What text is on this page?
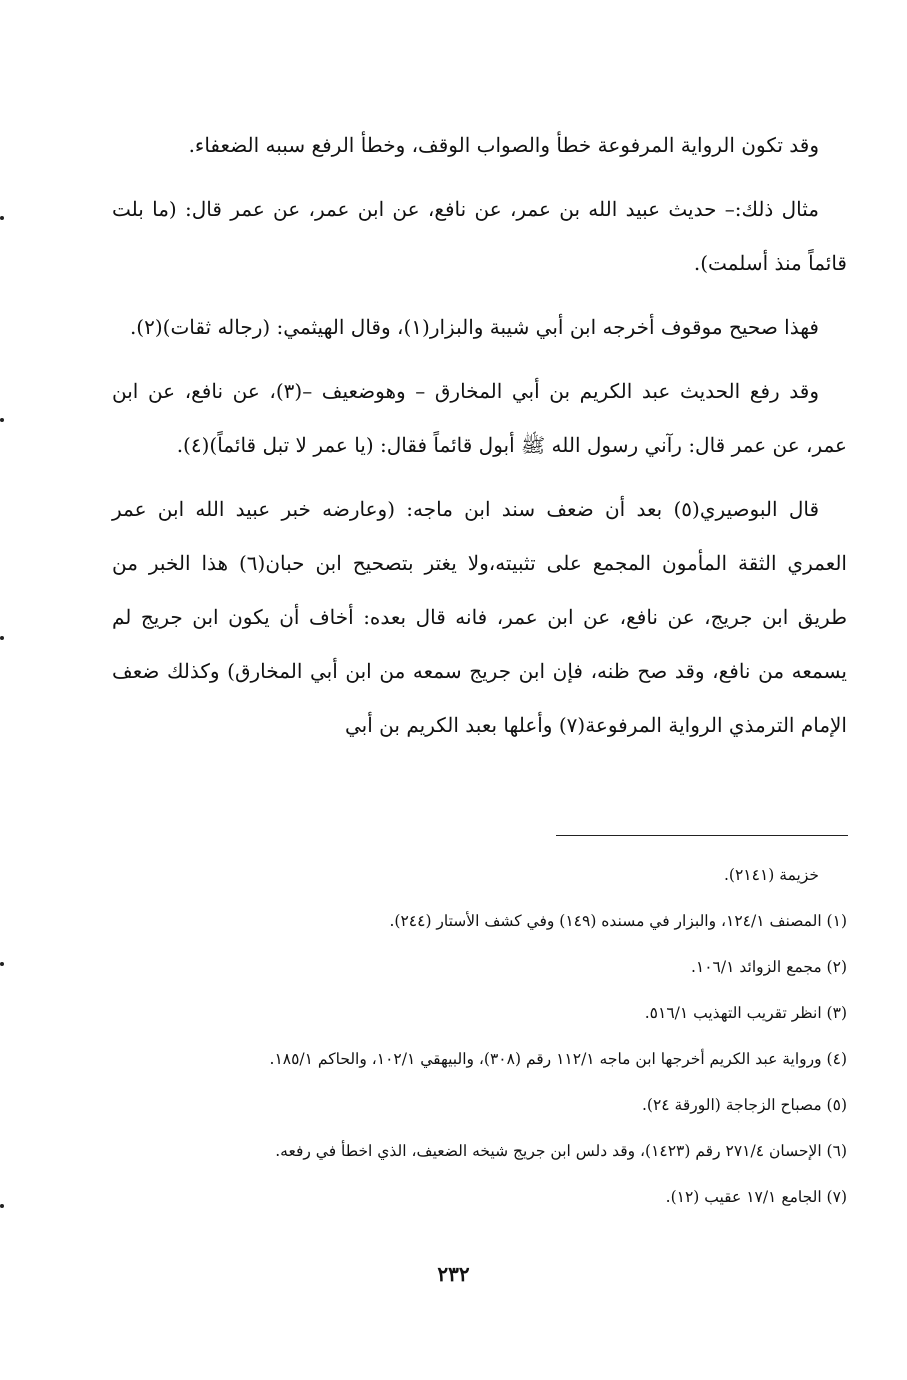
وقد تكون الرواية المرفوعة خطأ والصواب الوقف، وخطأ الرفع سببه الضعفاء.

مثال ذلك:– حديث عبيد الله بن عمر، عن نافع، عن ابن عمر، عن عمر قال: (ما بلت قائماً منذ أسلمت).

فهذا صحيح موقوف أخرجه ابن أبي شيبة والبزار(١)، وقال الهيثمي: (رجاله ثقات)(٢).

وقد رفع الحديث عبد الكريم بن أبي المخارق – وهوضعيف –(٣)، عن نافع، عن ابن عمر، عن عمر قال: رآني رسول الله ﷺ أبول قائماً فقال: (يا عمر لا تبل قائماً)(٤).

قال البوصيري(٥) بعد أن ضعف سند ابن ماجه: (وعارضه خبر عبيد الله ابن عمر العمري الثقة المأمون المجمع على تثبيته،ولا يغتر بتصحيح ابن حبان(٦) هذا الخبر من طريق ابن جريج، عن نافع، عن ابن عمر، فانه قال بعده: أخاف أن يكون ابن جريج لم يسمعه من نافع، وقد صح ظنه، فإن ابن جريج سمعه من ابن أبي المخارق) وكذلك ضعف الإمام الترمذي الرواية المرفوعة(٧) وأعلها بعبد الكريم بن أبي

خزيمة (٢١٤١).

(١) المصنف ١٢٤/١، والبزار في مسنده (١٤٩) وفي كشف الأستار (٢٤٤).

(٢) مجمع الزوائد ١٠٦/١.

(٣) انظر تقريب التهذيب ٥١٦/١.

(٤) ورواية عبد الكريم أخرجها ابن ماجه ١١٢/١ رقم (٣٠٨)، والبيهقي ١٠٢/١، والحاكم ١٨٥/١.

(٥) مصباح الزجاجة (الورقة ٢٤).

(٦) الإحسان ٢٧١/٤ رقم (١٤٢٣)، وقد دلس ابن جريج شيخه الضعيف، الذي اخطأ في رفعه.

(٧) الجامع ١٧/١ عقيب (١٢).

٢٣٢
